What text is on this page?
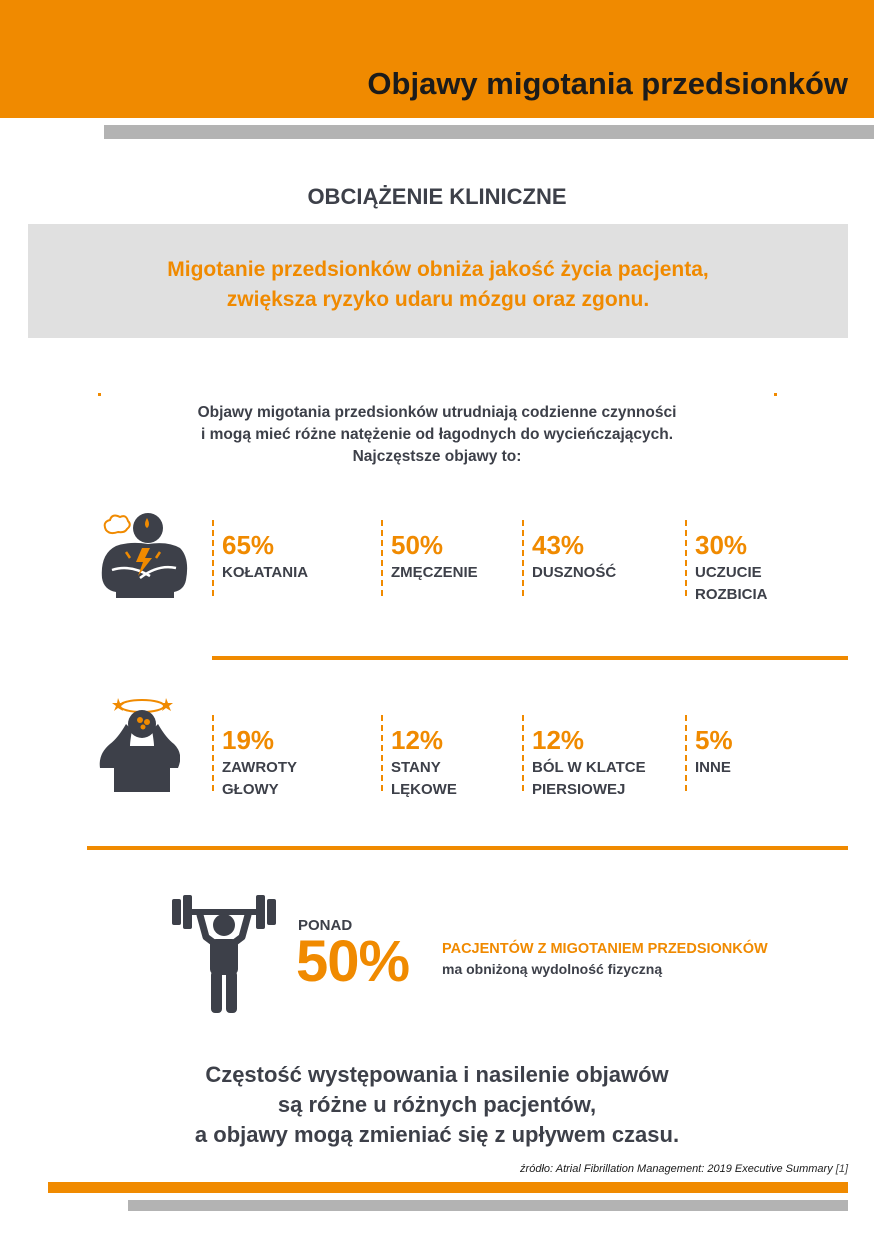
Objawy migotania przedsionków
OBCIĄŻENIE KLINICZNE
Migotanie przedsionków obniża jakość życia pacjenta,
zwiększa ryzyko udaru mózgu oraz zgonu.
Objawy migotania przedsionków utrudniają codzienne czynności
i mogą mieć różne natężenie od łagodnych do wycieńczających.
Najczęstsze objawy to:
65%
KOŁATANIA
50%
ZMĘCZENIE
43%
DUSZNOŚĆ
30%
UCZUCIE
ROZBICIA
19%
ZAWROTY
GŁOWY
12%
STANY
LĘKOWE
12%
BÓL W KLATCE
PIERSIOWEJ
5%
INNE
PONAD
50% PACJENTÓW Z MIGOTANIEM PRZEDSIONKÓW
ma obniżoną wydolność fizyczną
Częstość występowania i nasilenie objawów
są różne u różnych pacjentów,
a objawy mogą zmieniać się z upływem czasu.
źródło: Atrial Fibrillation Management: 2019 Executive Summary [1]
